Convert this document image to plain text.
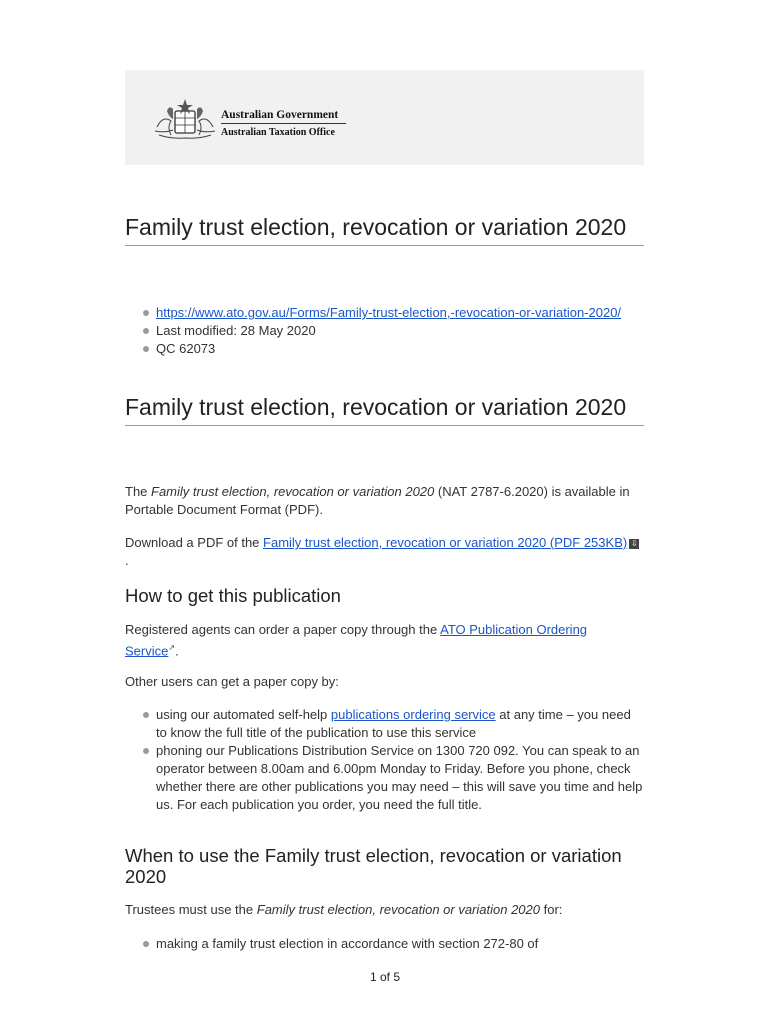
Australian Government
Australian Taxation Office
Family trust election, revocation or variation 2020
https://www.ato.gov.au/Forms/Family-trust-election,-revocation-or-variation-2020/
Last modified: 28 May 2020
QC 62073
Family trust election, revocation or variation 2020

The Family trust election, revocation or variation 2020 (NAT 2787-6.2020) is available in Portable Document Format (PDF).

Download a PDF of the Family trust election, revocation or variation 2020 (PDF 253KB) ⇩ .

How to get this publication

Registered agents can order a paper copy through the ATO Publication Ordering Service↗.

Other users can get a paper copy by:

using our automated self-help publications ordering service at any time – you need to know the full title of the publication to use this service
phoning our Publications Distribution Service on 1300 720 092. You can speak to an operator between 8.00am and 6.00pm Monday to Friday. Before you phone, check whether there are other publications you may need – this will save you time and help us. For each publication you order, you need the full title.
When to use the Family trust election, revocation or variation 2020

Trustees must use the Family trust election, revocation or variation 2020 for:

making a family trust election in accordance with section 272-80 of
1 of 5
